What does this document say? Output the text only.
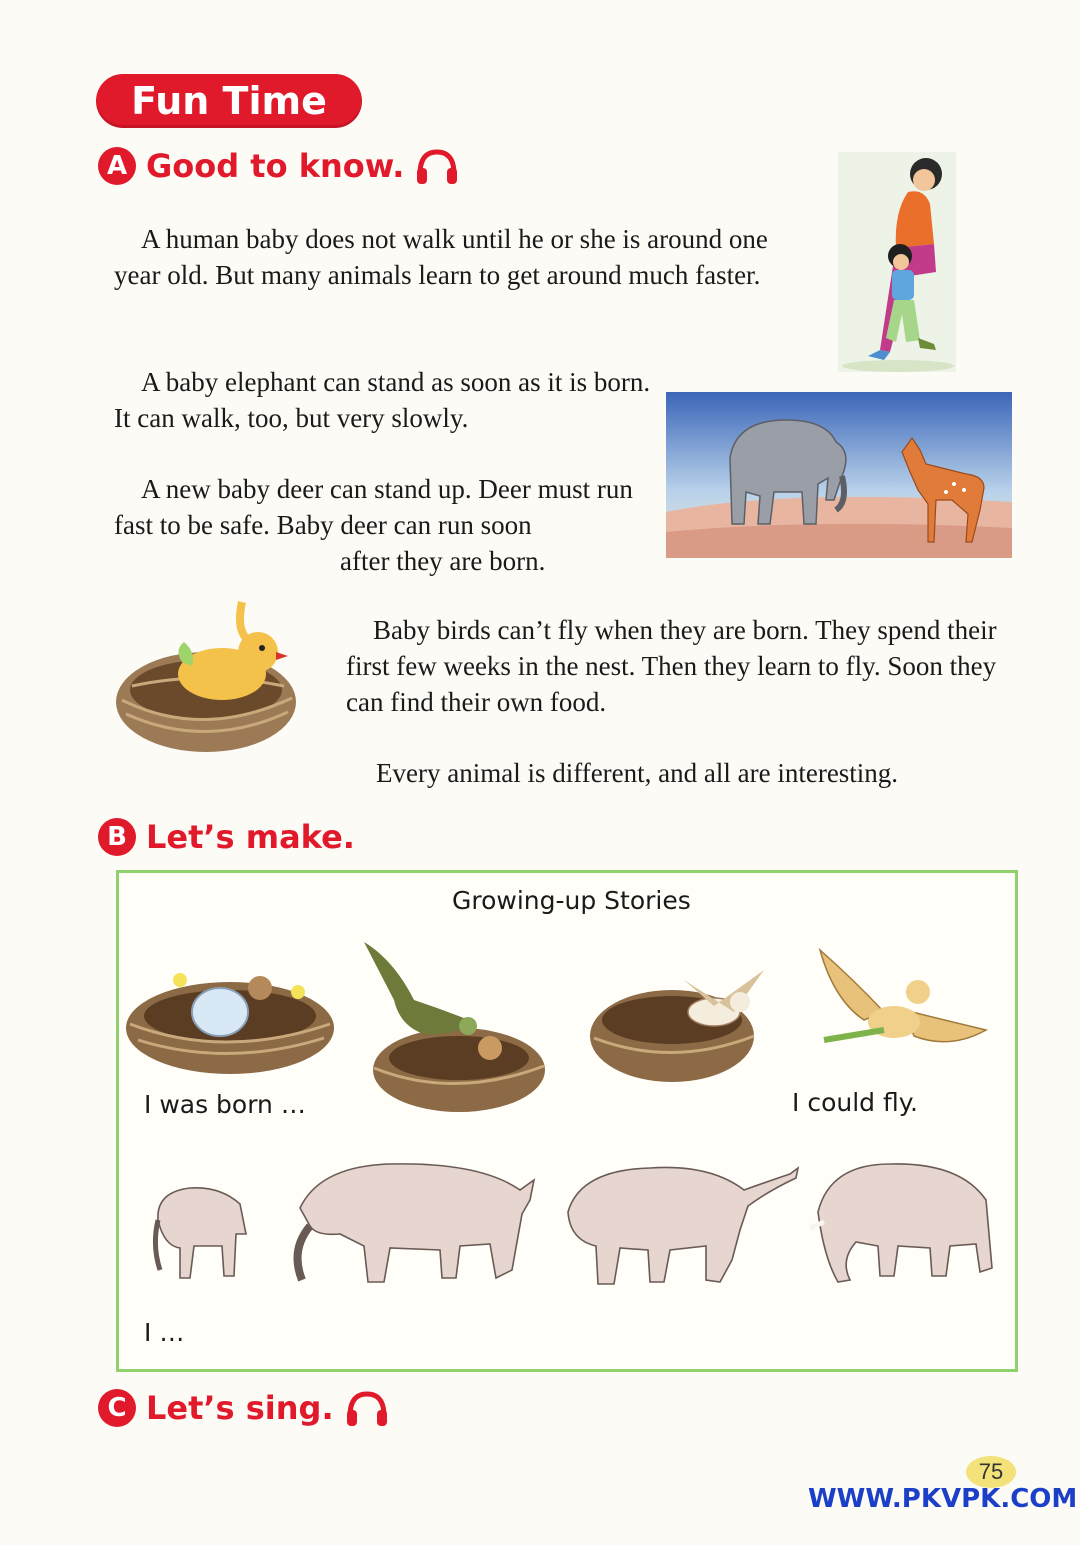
Fun Time
A Good to know.
 A human baby does not walk until he or she is around one year old. But many animals learn to get around much faster.
 A baby elephant can stand as soon as it is born. It can walk, too, but very slowly.
 A new baby deer can stand up. Deer must run fast to be safe. Baby deer can run soon
after they are born.
 Baby birds can’t fly when they are born. They spend their first few weeks in the nest. Then they learn to fly. Soon they can find their own food.
Every animal is different, and all are interesting.
B Let’s make.
Growing-up Stories
I was born …	I could fly.
I …
C Let’s sing.
75
WWW.PKVPK.COM
